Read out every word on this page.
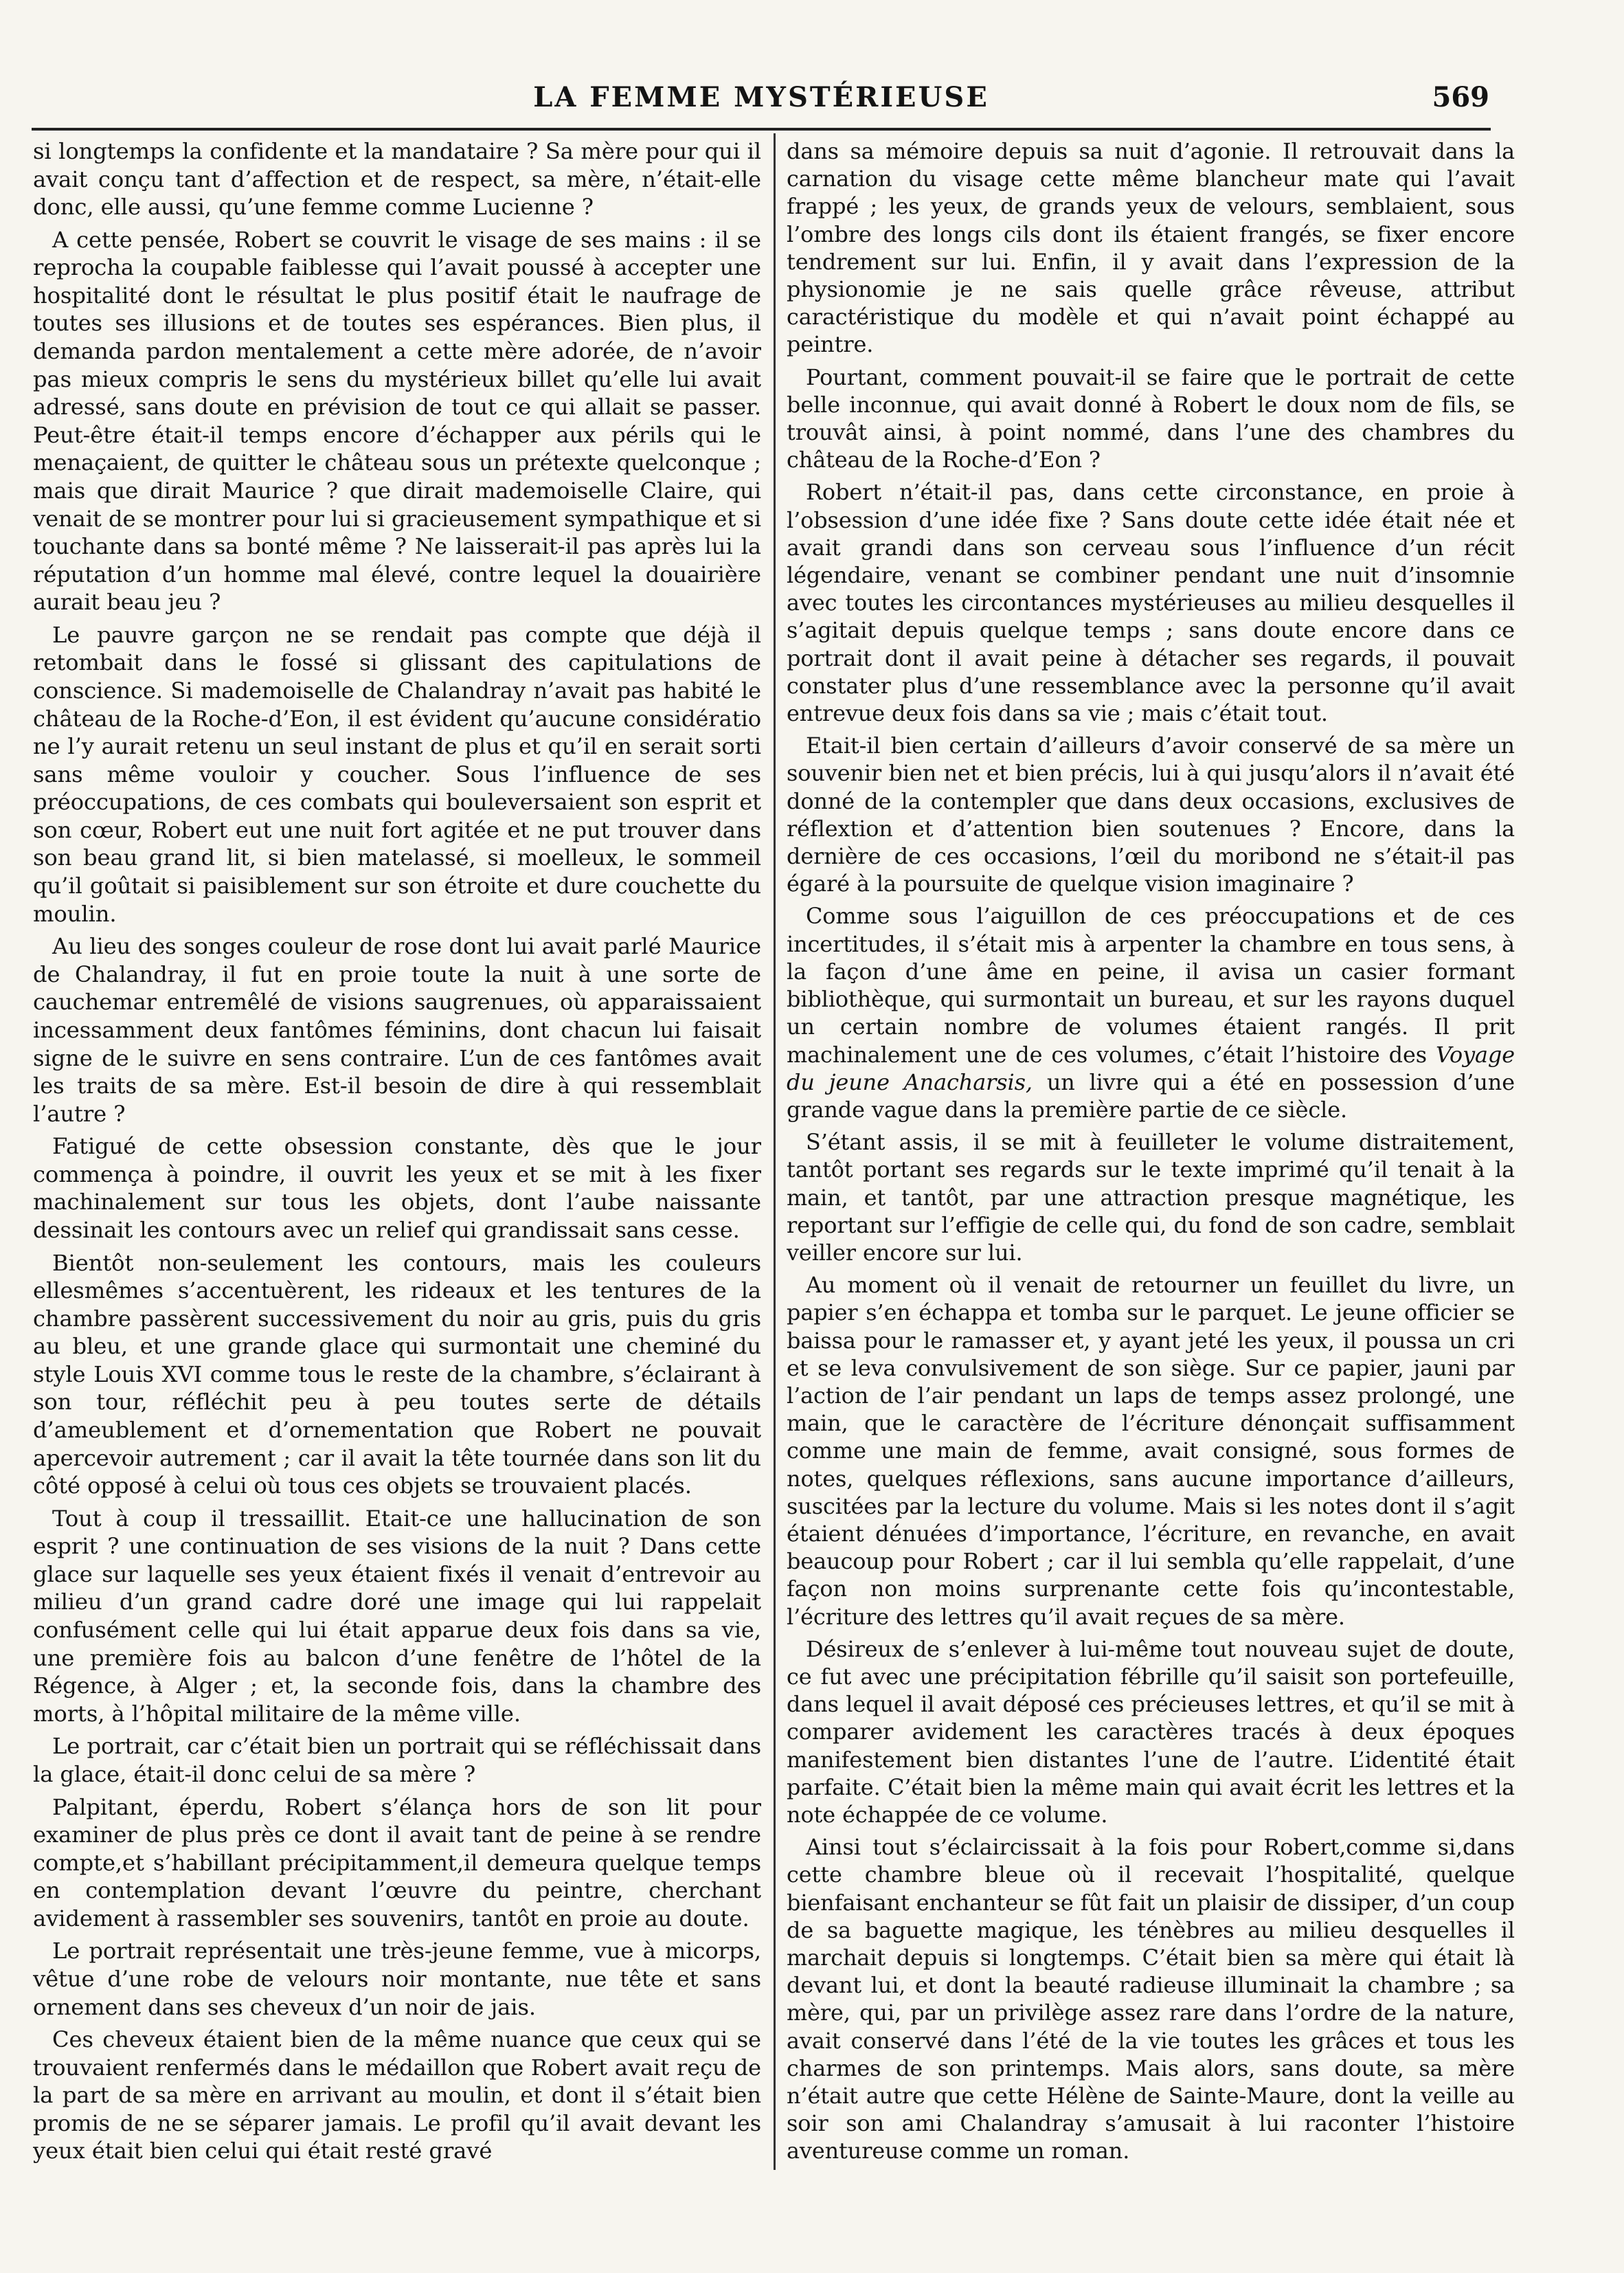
LA FEMME MYSTÉRIEUSE	569

si longtemps la confidente et la mandataire ? Sa mère pour qui il avait conçu tant d’affection et de respect, sa mère, n’était-elle donc, elle aussi, qu’une femme comme Lucienne ?

A cette pensée, Robert se couvrit le visage de ses mains : il se reprocha la coupable faiblesse qui l’avait poussé à accepter une hospitalité dont le résultat le plus positif était le naufrage de toutes ses illusions et de toutes ses espérances. Bien plus, il demanda pardon mentalement a cette mère adorée, de n’avoir pas mieux compris le sens du mystérieux billet qu’elle lui avait adressé, sans doute en prévision de tout ce qui allait se passer. Peut-être était-il temps encore d’échapper aux périls qui le menaçaient, de quitter le château sous un prétexte quelconque ; mais que dirait Maurice ? que dirait mademoiselle Claire, qui venait de se montrer pour lui si gracieusement sympathique et si touchante dans sa bonté même ? Ne laisserait-il pas après lui la réputation d’un homme mal élevé, contre lequel la douairière aurait beau jeu ?

Le pauvre garçon ne se rendait pas compte que déjà il retombait dans le fossé si glissant des capitulations de conscience. Si mademoiselle de Chalandray n’avait pas habité le château de la Roche-d’Eon, il est évident qu’aucune considératio ne l’y aurait retenu un seul instant de plus et qu’il en serait sorti sans même vouloir y coucher. Sous l’influence de ses préoccupations, de ces combats qui bouleversaient son esprit et son cœur, Robert eut une nuit fort agitée et ne put trouver dans son beau grand lit, si bien matelassé, si moelleux, le sommeil qu’il goûtait si paisiblement sur son étroite et dure couchette du moulin.

Au lieu des songes couleur de rose dont lui avait parlé Maurice de Chalandray, il fut en proie toute la nuit à une sorte de cauchemar entremêlé de visions saugrenues, où apparaissaient incessamment deux fantômes féminins, dont chacun lui faisait signe de le suivre en sens contraire. L’un de ces fantômes avait les traits de sa mère. Est-il besoin de dire à qui ressemblait l’autre ?

Fatigué de cette obsession constante, dès que le jour commença à poindre, il ouvrit les yeux et se mit à les fixer machinalement sur tous les objets, dont l’aube naissante dessinait les contours avec un relief qui grandissait sans cesse.

Bientôt non-seulement les contours, mais les couleurs ellesmêmes s’accentuèrent, les rideaux et les tentures de la chambre passèrent successivement du noir au gris, puis du gris au bleu, et une grande glace qui surmontait une cheminé du style Louis XVI comme tous le reste de la chambre, s’éclairant à son tour, réfléchit peu à peu toutes serte de détails d’ameublement et d’ornementation que Robert ne pouvait apercevoir autrement ; car il avait la tête tournée dans son lit du côté opposé à celui où tous ces objets se trouvaient placés.

Tout à coup il tressaillit. Etait-ce une hallucination de son esprit ? une continuation de ses visions de la nuit ? Dans cette glace sur laquelle ses yeux étaient fixés il venait d’entrevoir au milieu d’un grand cadre doré une image qui lui rappelait confusément celle qui lui était apparue deux fois dans sa vie, une première fois au balcon d’une fenêtre de l’hôtel de la Régence, à Alger ; et, la seconde fois, dans la chambre des morts, à l’hôpital militaire de la même ville.

Le portrait, car c’était bien un portrait qui se réfléchissait dans la glace, était-il donc celui de sa mère ?

Palpitant, éperdu, Robert s’élança hors de son lit pour examiner de plus près ce dont il avait tant de peine à se rendre compte,et s’habillant précipitamment,il demeura quelque temps en contemplation devant l’œuvre du peintre, cherchant avidement à rassembler ses souvenirs, tantôt en proie au doute.

Le portrait représentait une très-jeune femme, vue à micorps, vêtue d’une robe de velours noir montante, nue tête et sans ornement dans ses cheveux d’un noir de jais.

Ces cheveux étaient bien de la même nuance que ceux qui se trouvaient renfermés dans le médaillon que Robert avait reçu de la part de sa mère en arrivant au moulin, et dont il s’était bien promis de ne se séparer jamais. Le profil qu’il avait devant les yeux était bien celui qui était resté gravé

dans sa mémoire depuis sa nuit d’agonie. Il retrouvait dans la carnation du visage cette même blancheur mate qui l’avait frappé ; les yeux, de grands yeux de velours, semblaient, sous l’ombre des longs cils dont ils étaient frangés, se fixer encore tendrement sur lui. Enfin, il y avait dans l’expression de la physionomie je ne sais quelle grâce rêveuse, attribut caractéristique du modèle et qui n’avait point échappé au peintre.

Pourtant, comment pouvait-il se faire que le portrait de cette belle inconnue, qui avait donné à Robert le doux nom de fils, se trouvât ainsi, à point nommé, dans l’une des chambres du château de la Roche-d’Eon ?

Robert n’était-il pas, dans cette circonstance, en proie à l’obsession d’une idée fixe ? Sans doute cette idée était née et avait grandi dans son cerveau sous l’influence d’un récit légendaire, venant se combiner pendant une nuit d’insomnie avec toutes les circontances mystérieuses au milieu desquelles il s’agitait depuis quelque temps ; sans doute encore dans ce portrait dont il avait peine à détacher ses regards, il pouvait constater plus d’une ressemblance avec la personne qu’il avait entrevue deux fois dans sa vie ; mais c’était tout.

Etait-il bien certain d’ailleurs d’avoir conservé de sa mère un souvenir bien net et bien précis, lui à qui jusqu’alors il n’avait été donné de la contempler que dans deux occasions, exclusives de réflextion et d’attention bien soutenues ? Encore, dans la dernière de ces occasions, l’œil du moribond ne s’était-il pas égaré à la poursuite de quelque vision imaginaire ?

Comme sous l’aiguillon de ces préoccupations et de ces incertitudes, il s’était mis à arpenter la chambre en tous sens, à la façon d’une âme en peine, il avisa un casier formant bibliothèque, qui surmontait un bureau, et sur les rayons duquel un certain nombre de volumes étaient rangés. Il prit machinalement une de ces volumes, c’était l’histoire des Voyage du jeune Anacharsis, un livre qui a été en possession d’une grande vague dans la première partie de ce siècle.

S’étant assis, il se mit à feuilleter le volume distraitement, tantôt portant ses regards sur le texte imprimé qu’il tenait à la main, et tantôt, par une attraction presque magnétique, les reportant sur l’effigie de celle qui, du fond de son cadre, semblait veiller encore sur lui.

Au moment où il venait de retourner un feuillet du livre, un papier s’en échappa et tomba sur le parquet. Le jeune officier se baissa pour le ramasser et, y ayant jeté les yeux, il poussa un cri et se leva convulsivement de son siège. Sur ce papier, jauni par l’action de l’air pendant un laps de temps assez prolongé, une main, que le caractère de l’écriture dénonçait suffisamment comme une main de femme, avait consigné, sous formes de notes, quelques réflexions, sans aucune importance d’ailleurs, suscitées par la lecture du volume. Mais si les notes dont il s’agit étaient dénuées d’importance, l’écriture, en revanche, en avait beaucoup pour Robert ; car il lui sembla qu’elle rappelait, d’une façon non moins surprenante cette fois qu’incontestable, l’écriture des lettres qu’il avait reçues de sa mère.

Désireux de s’enlever à lui-même tout nouveau sujet de doute, ce fut avec une précipitation fébrille qu’il saisit son portefeuille, dans lequel il avait déposé ces précieuses lettres, et qu’il se mit à comparer avidement les caractères tracés à deux époques manifestement bien distantes l’une de l’autre. L’identité était parfaite. C’était bien la même main qui avait écrit les lettres et la note échappée de ce volume.

Ainsi tout s’éclaircissait à la fois pour Robert,comme si,dans cette chambre bleue où il recevait l’hospitalité, quelque bienfaisant enchanteur se fût fait un plaisir de dissiper, d’un coup de sa baguette magique, les ténèbres au milieu desquelles il marchait depuis si longtemps. C’était bien sa mère qui était là devant lui, et dont la beauté radieuse illuminait la chambre ; sa mère, qui, par un privilège assez rare dans l’ordre de la nature, avait conservé dans l’été de la vie toutes les grâces et tous les charmes de son printemps. Mais alors, sans doute, sa mère n’était autre que cette Hélène de Sainte-Maure, dont la veille au soir son ami Chalandray s’amusait à lui raconter l’histoire aventureuse comme un roman.
